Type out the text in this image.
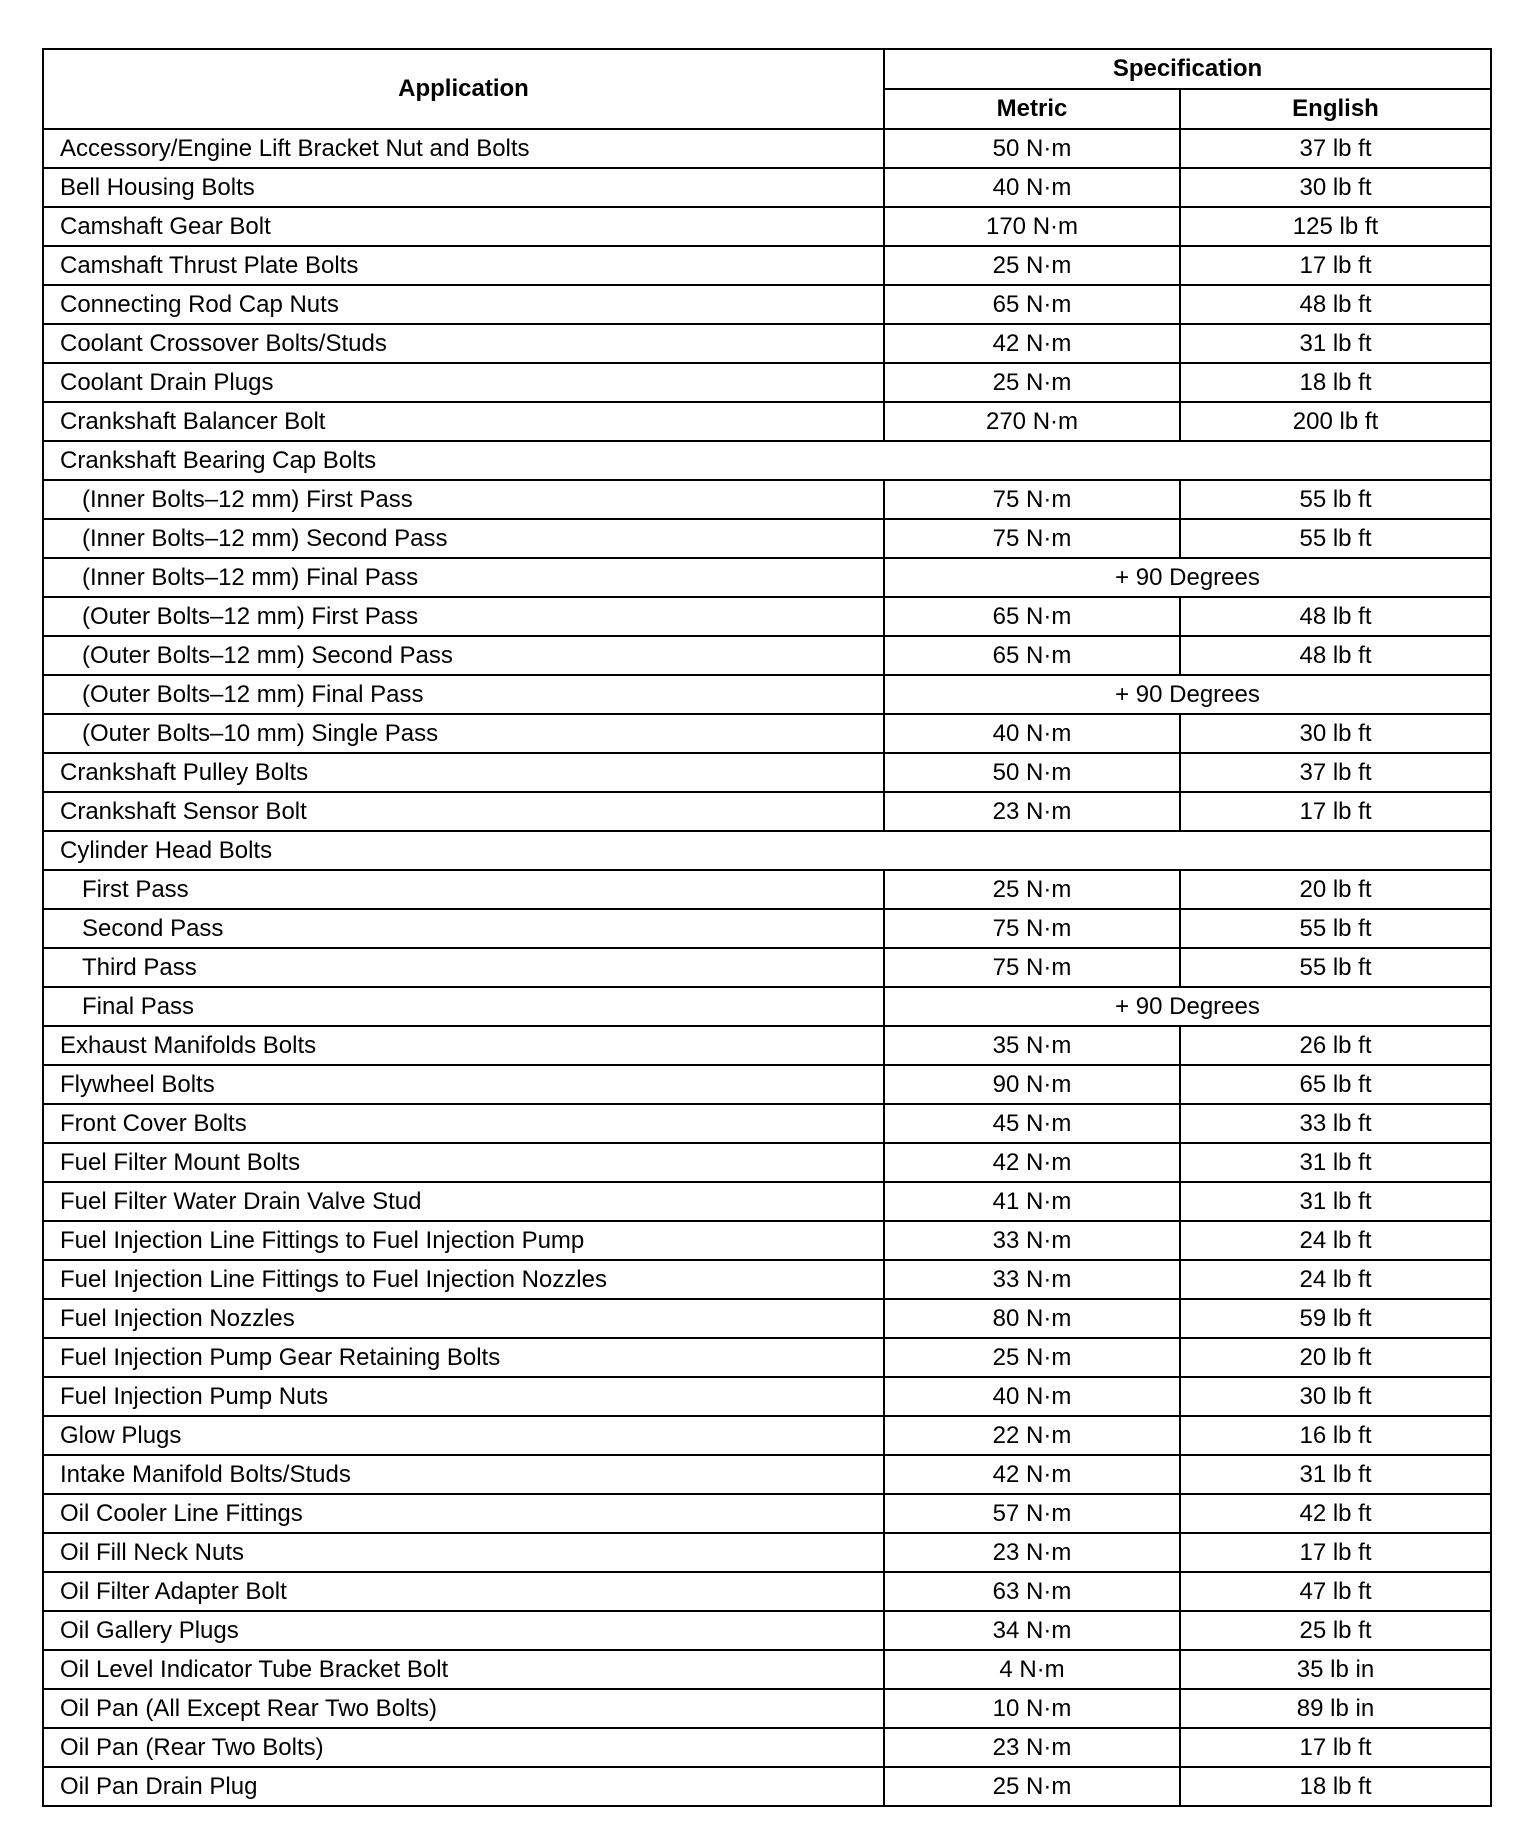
Application	Specification	
	Metric	English
Accessory/Engine Lift Bracket Nut and Bolts	50 N·m	37 lb ft
Bell Housing Bolts	40 N·m	30 lb ft
Camshaft Gear Bolt	170 N·m	125 lb ft
Camshaft Thrust Plate Bolts	25 N·m	17 lb ft
Connecting Rod Cap Nuts	65 N·m	48 lb ft
Coolant Crossover Bolts/Studs	42 N·m	31 lb ft
Coolant Drain Plugs	25 N·m	18 lb ft
Crankshaft Balancer Bolt	270 N·m	200 lb ft
Crankshaft Bearing Cap Bolts		
(Inner Bolts–12 mm) First Pass	75 N·m	55 lb ft
(Inner Bolts–12 mm) Second Pass	75 N·m	55 lb ft
(Inner Bolts–12 mm) Final Pass	+ 90 Degrees	
(Outer Bolts–12 mm) First Pass	65 N·m	48 lb ft
(Outer Bolts–12 mm) Second Pass	65 N·m	48 lb ft
(Outer Bolts–12 mm) Final Pass	+ 90 Degrees	
(Outer Bolts–10 mm) Single Pass	40 N·m	30 lb ft
Crankshaft Pulley Bolts	50 N·m	37 lb ft
Crankshaft Sensor Bolt	23 N·m	17 lb ft
Cylinder Head Bolts		
First Pass	25 N·m	20 lb ft
Second Pass	75 N·m	55 lb ft
Third Pass	75 N·m	55 lb ft
Final Pass	+ 90 Degrees	
Exhaust Manifolds Bolts	35 N·m	26 lb ft
Flywheel Bolts	90 N·m	65 lb ft
Front Cover Bolts	45 N·m	33 lb ft
Fuel Filter Mount Bolts	42 N·m	31 lb ft
Fuel Filter Water Drain Valve Stud	41 N·m	31 lb ft
Fuel Injection Line Fittings to Fuel Injection Pump	33 N·m	24 lb ft
Fuel Injection Line Fittings to Fuel Injection Nozzles	33 N·m	24 lb ft
Fuel Injection Nozzles	80 N·m	59 lb ft
Fuel Injection Pump Gear Retaining Bolts	25 N·m	20 lb ft
Fuel Injection Pump Nuts	40 N·m	30 lb ft
Glow Plugs	22 N·m	16 lb ft
Intake Manifold Bolts/Studs	42 N·m	31 lb ft
Oil Cooler Line Fittings	57 N·m	42 lb ft
Oil Fill Neck Nuts	23 N·m	17 lb ft
Oil Filter Adapter Bolt	63 N·m	47 lb ft
Oil Gallery Plugs	34 N·m	25 lb ft
Oil Level Indicator Tube Bracket Bolt	4 N·m	35 lb in
Oil Pan (All Except Rear Two Bolts)	10 N·m	89 lb in
Oil Pan (Rear Two Bolts)	23 N·m	17 lb ft
Oil Pan Drain Plug	25 N·m	18 lb ft
